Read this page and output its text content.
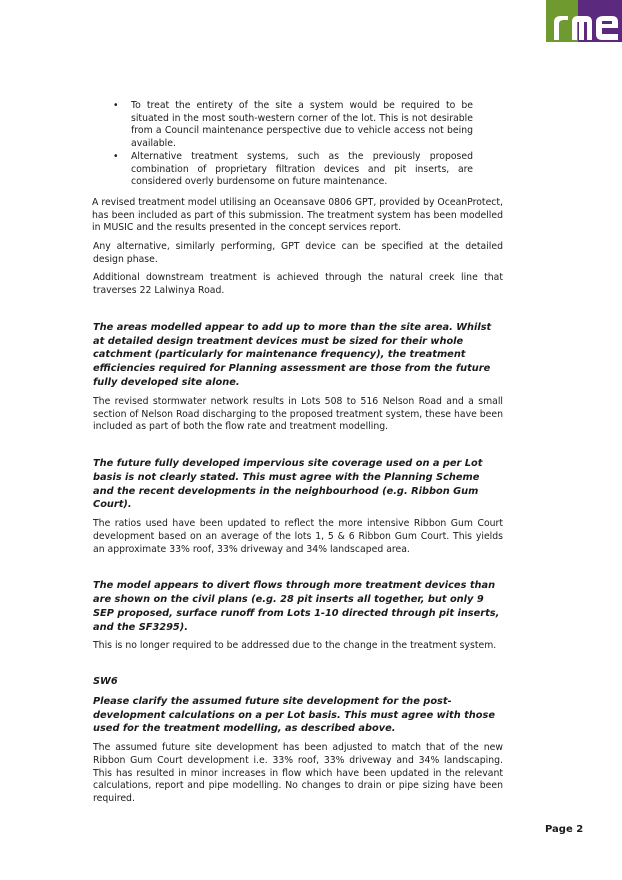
• To treat the entirety of the site a system would be required to be situated in the most south-western corner of the lot. This is not desirable from a Council maintenance perspective due to vehicle access not being available.
• Alternative treatment systems, such as the previously proposed combination of proprietary filtration devices and pit inserts, are considered overly burdensome on future maintenance.

A revised treatment model utilising an Oceansave 0806 GPT, provided by OceanProtect, has been included as part of this submission. The treatment system has been modelled in MUSIC and the results presented in the concept services report.

Any alternative, similarly performing, GPT device can be specified at the detailed design phase.

Additional downstream treatment is achieved through the natural creek line that traverses 22 Lalwinya Road.

The areas modelled appear to add up to more than the site area. Whilst at detailed design treatment devices must be sized for their whole catchment (particularly for maintenance frequency), the treatment efficiencies required for Planning assessment are those from the future fully developed site alone.

The revised stormwater network results in Lots 508 to 516 Nelson Road and a small section of Nelson Road discharging to the proposed treatment system, these have been included as part of both the flow rate and treatment modelling.

The future fully developed impervious site coverage used on a per Lot basis is not clearly stated. This must agree with the Planning Scheme and the recent developments in the neighbourhood (e.g. Ribbon Gum Court).

The ratios used have been updated to reflect the more intensive Ribbon Gum Court development based on an average of the lots 1, 5 & 6 Ribbon Gum Court. This yields an approximate 33% roof, 33% driveway and 34% landscaped area.

The model appears to divert flows through more treatment devices than are shown on the civil plans (e.g. 28 pit inserts all together, but only 9 SEP proposed, surface runoff from Lots 1-10 directed through pit inserts, and the SF3295).

This is no longer required to be addressed due to the change in the treatment system.

SW6

Please clarify the assumed future site development for the post-development calculations on a per Lot basis. This must agree with those used for the treatment modelling, as described above.

The assumed future site development has been adjusted to match that of the new Ribbon Gum Court development i.e. 33% roof, 33% driveway and 34% landscaping. This has resulted in minor increases in flow which have been updated in the relevant calculations, report and pipe modelling. No changes to drain or pipe sizing have been required.

Page 2
